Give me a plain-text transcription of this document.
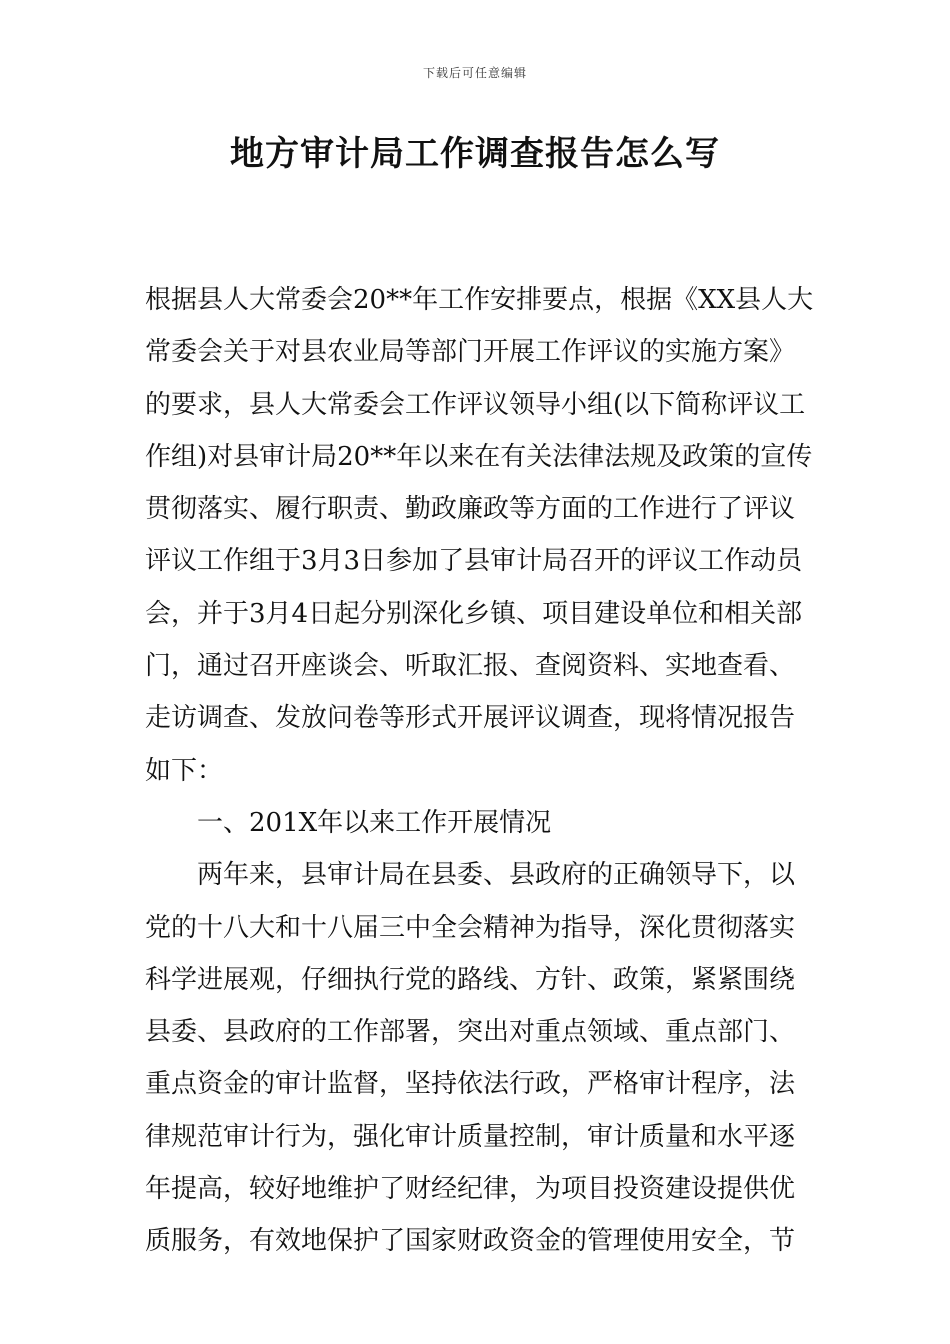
下载后可任意编辑
地方审计局工作调查报告怎么写
根据县人大常委会20**年工作安排要点，根据《XX县人大
常委会关于对县农业局等部门开展工作评议的实施方案》
的要求，县人大常委会工作评议领导小组(以下简称评议工
作组)对县审计局20**年以来在有关法律法规及政策的宣传
贯彻落实、履行职责、勤政廉政等方面的工作进行了评议
评议工作组于3月3日参加了县审计局召开的评议工作动员
会，并于3月4日起分别深化乡镇、项目建设单位和相关部
门，通过召开座谈会、听取汇报、查阅资料、实地查看、
走访调查、发放问卷等形式开展评议调查，现将情况报告
如下：
一、201X年以来工作开展情况
两年来，县审计局在县委、县政府的正确领导下，以
党的十八大和十八届三中全会精神为指导，深化贯彻落实
科学进展观，仔细执行党的路线、方针、政策，紧紧围绕
县委、县政府的工作部署，突出对重点领域、重点部门、
重点资金的审计监督，坚持依法行政，严格审计程序，法
律规范审计行为，强化审计质量控制，审计质量和水平逐
年提高，较好地维护了财经纪律，为项目投资建设提供优
质服务，有效地保护了国家财政资金的管理使用安全，节
